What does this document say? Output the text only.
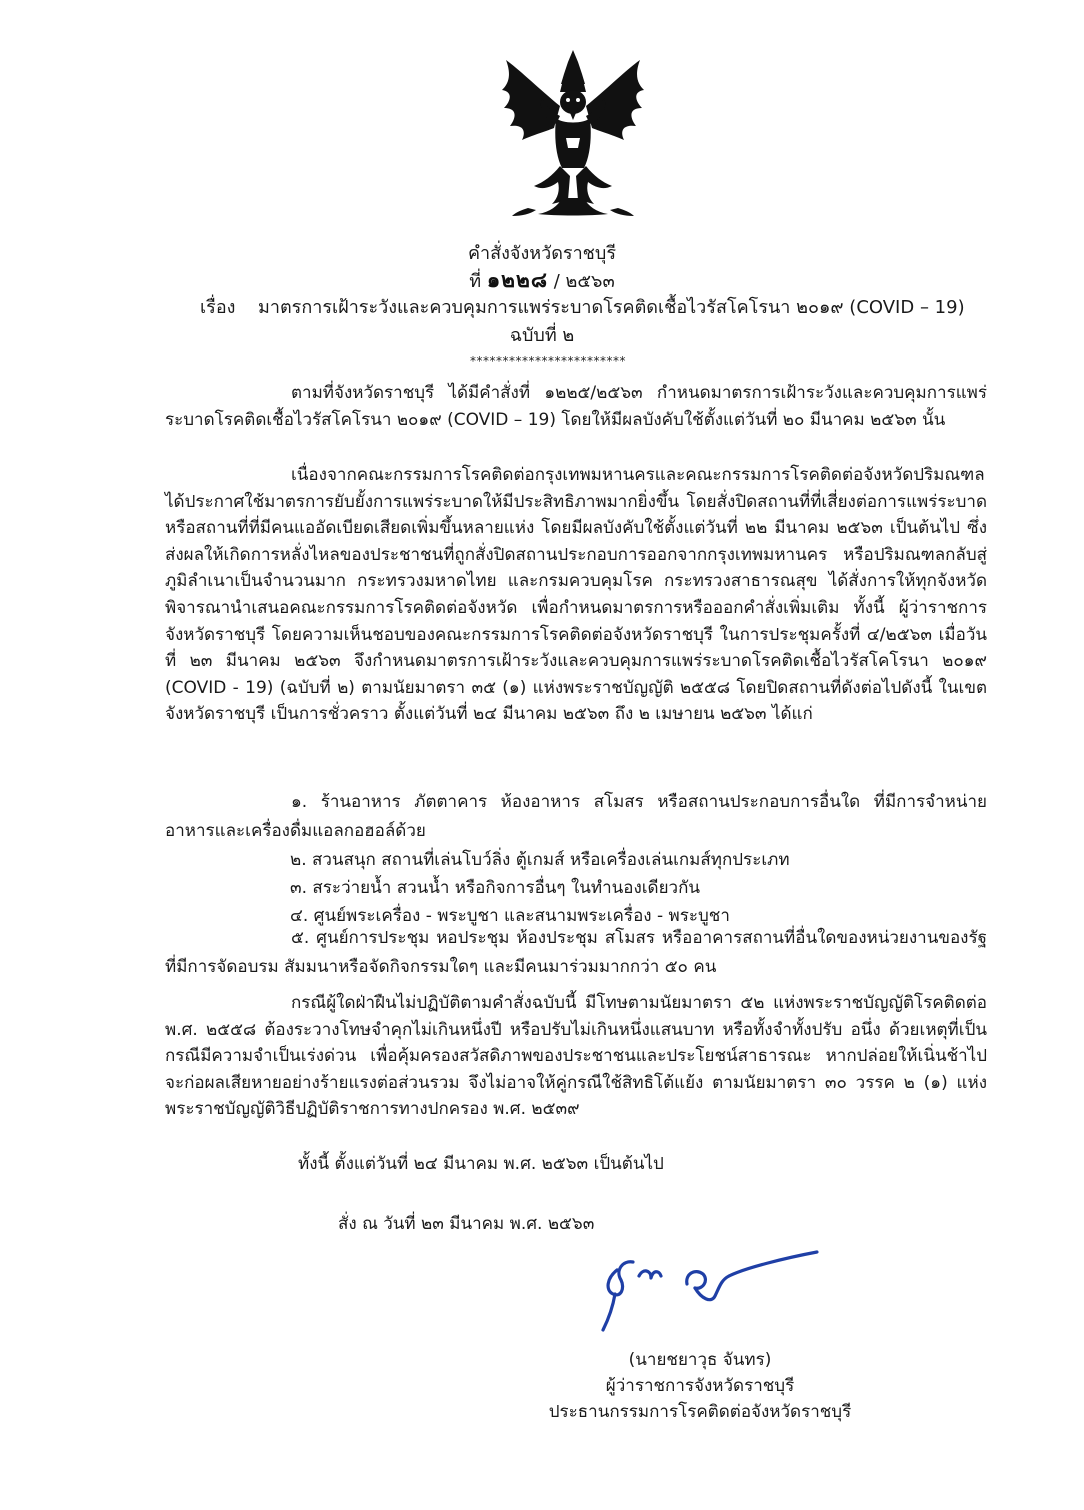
คำสั่งจังหวัดราชบุรี
ที่ ๑๒๒๘ / ๒๕๖๓
เรื่อง มาตรการเฝ้าระวังและควบคุมการแพร่ระบาดโรคติดเชื้อไวรัสโคโรนา ๒๐๑๙ (COVID – 19)
ฉบับที่ ๒
************************
ตามที่จังหวัดราชบุรี ได้มีคำสั่งที่ ๑๒๒๕/๒๕๖๓ กำหนดมาตรการเฝ้าระวังและควบคุมการแพร่ระบาดโรคติดเชื้อไวรัสโคโรนา ๒๐๑๙ (COVID – 19) โดยให้มีผลบังคับใช้ตั้งแต่วันที่ ๒๐ มีนาคม ๒๕๖๓ นั้น
เนื่องจากคณะกรรมการโรคติดต่อกรุงเทพมหานครและคณะกรรมการโรคติดต่อจังหวัดปริมณฑล ได้ประกาศใช้มาตรการยับยั้งการแพร่ระบาดให้มีประสิทธิภาพมากยิ่งขึ้น โดยสั่งปิดสถานที่ที่เสี่ยงต่อการแพร่ระบาด หรือสถานที่ที่มีคนแออัดเบียดเสียดเพิ่มขึ้นหลายแห่ง โดยมีผลบังคับใช้ตั้งแต่วันที่ ๒๒ มีนาคม ๒๕๖๓ เป็นต้นไป ซึ่งส่งผลให้เกิดการหลั่งไหลของประชาชนที่ถูกสั่งปิดสถานประกอบการออกจากกรุงเทพมหานคร หรือปริมณฑลกลับสู่ภูมิลำเนาเป็นจำนวนมาก กระทรวงมหาดไทย และกรมควบคุมโรค กระทรวงสาธารณสุข ได้สั่งการให้ทุกจังหวัดพิจารณานำเสนอคณะกรรมการโรคติดต่อจังหวัด เพื่อกำหนดมาตรการหรือออกคำสั่งเพิ่มเติม ทั้งนี้ ผู้ว่าราชการจังหวัดราชบุรี โดยความเห็นชอบของคณะกรรมการโรคติดต่อจังหวัดราชบุรี ในการประชุมครั้งที่ ๔/๒๕๖๓ เมื่อวันที่ ๒๓ มีนาคม ๒๕๖๓ จึงกำหนดมาตรการเฝ้าระวังและควบคุมการแพร่ระบาดโรคติดเชื้อไวรัสโคโรนา ๒๐๑๙ (COVID - 19) (ฉบับที่ ๒) ตามนัยมาตรา ๓๕ (๑) แห่งพระราชบัญญัติ ๒๕๕๘ โดยปิดสถานที่ดังต่อไปดังนี้ ในเขตจังหวัดราชบุรี เป็นการชั่วคราว ตั้งแต่วันที่ ๒๔ มีนาคม ๒๕๖๓ ถึง ๒ เมษายน ๒๕๖๓ ได้แก่
๑. ร้านอาหาร ภัตตาคาร ห้องอาหาร สโมสร หรือสถานประกอบการอื่นใด ที่มีการจำหน่ายอาหารและเครื่องดื่มแอลกอฮอล์ด้วย
๒. สวนสนุก สถานที่เล่นโบว์ลิ่ง ตู้เกมส์ หรือเครื่องเล่นเกมส์ทุกประเภท
๓. สระว่ายน้ำ สวนน้ำ หรือกิจการอื่นๆ ในทำนองเดียวกัน
๔. ศูนย์พระเครื่อง - พระบูชา และสนามพระเครื่อง - พระบูชา
๕. ศูนย์การประชุม หอประชุม ห้องประชุม สโมสร หรืออาคารสถานที่อื่นใดของหน่วยงานของรัฐ ที่มีการจัดอบรม สัมมนาหรือจัดกิจกรรมใดๆ และมีคนมาร่วมมากกว่า ๕๐ คน
กรณีผู้ใดฝ่าฝืนไม่ปฏิบัติตามคำสั่งฉบับนี้ มีโทษตามนัยมาตรา ๕๒ แห่งพระราชบัญญัติโรคติดต่อ พ.ศ. ๒๕๕๘ ต้องระวางโทษจำคุกไม่เกินหนึ่งปี หรือปรับไม่เกินหนึ่งแสนบาท หรือทั้งจำทั้งปรับ อนึ่ง ด้วยเหตุที่เป็นกรณีมีความจำเป็นเร่งด่วน เพื่อคุ้มครองสวัสดิภาพของประชาชนและประโยชน์สาธารณะ หากปล่อยให้เนิ่นช้าไป จะก่อผลเสียหายอย่างร้ายแรงต่อส่วนรวม จึงไม่อาจให้คู่กรณีใช้สิทธิโต้แย้ง ตามนัยมาตรา ๓๐ วรรค ๒ (๑) แห่งพระราชบัญญัติวิธีปฏิบัติราชการทางปกครอง พ.ศ. ๒๕๓๙
ทั้งนี้ ตั้งแต่วันที่ ๒๔ มีนาคม พ.ศ. ๒๕๖๓ เป็นต้นไป
สั่ง ณ วันที่ ๒๓ มีนาคม พ.ศ. ๒๕๖๓
(นายชยาวุธ จันทร)
ผู้ว่าราชการจังหวัดราชบุรี
ประธานกรรมการโรคติดต่อจังหวัดราชบุรี
